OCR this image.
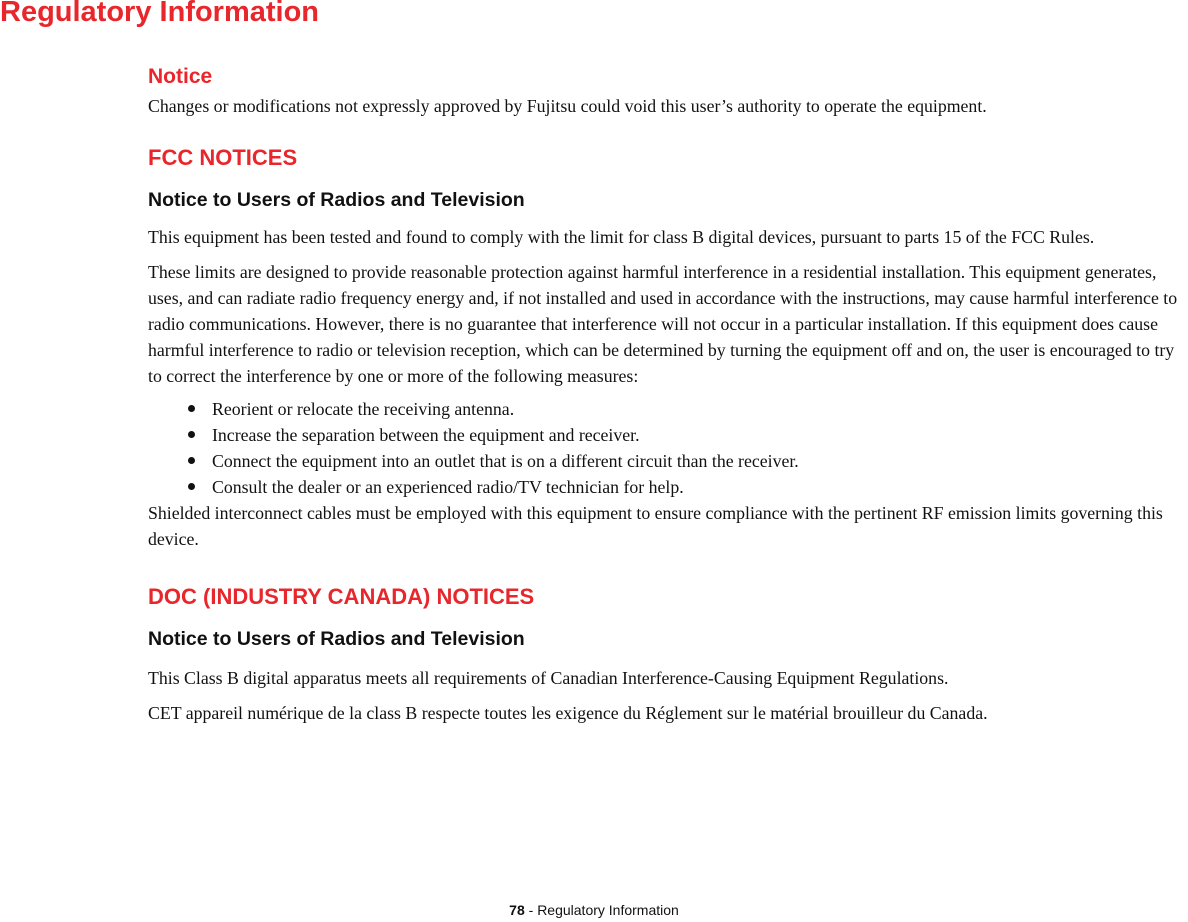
Regulatory Information
Notice

Changes or modifications not expressly approved by Fujitsu could void this user’s authority to operate the equipment.

FCC NOTICES
Notice to Users of Radios and Television

This equipment has been tested and found to comply with the limit for class B digital devices, pursuant to parts 15 of the FCC Rules.

These limits are designed to provide reasonable protection against harmful interference in a residential installation. This equipment generates, uses, and can radiate radio frequency energy and, if not installed and used in accordance with the instructions, may cause harmful interference to radio communications. However, there is no guarantee that interference will not occur in a particular installation. If this equipment does cause harmful interference to radio or television reception, which can be determined by turning the equipment off and on, the user is encouraged to try to correct the interference by one or more of the following measures:

Reorient or relocate the receiving antenna.
Increase the separation between the equipment and receiver.
Connect the equipment into an outlet that is on a different circuit than the receiver.
Consult the dealer or an experienced radio/TV technician for help.

Shielded interconnect cables must be employed with this equipment to ensure compliance with the pertinent RF emission limits governing this device.

DOC (INDUSTRY CANADA) NOTICES
Notice to Users of Radios and Television

This Class B digital apparatus meets all requirements of Canadian Interference-Causing Equipment Regulations.

CET appareil numérique de la class B respecte toutes les exigence du Réglement sur le matérial brouilleur du Canada.

78 - Regulatory Information
